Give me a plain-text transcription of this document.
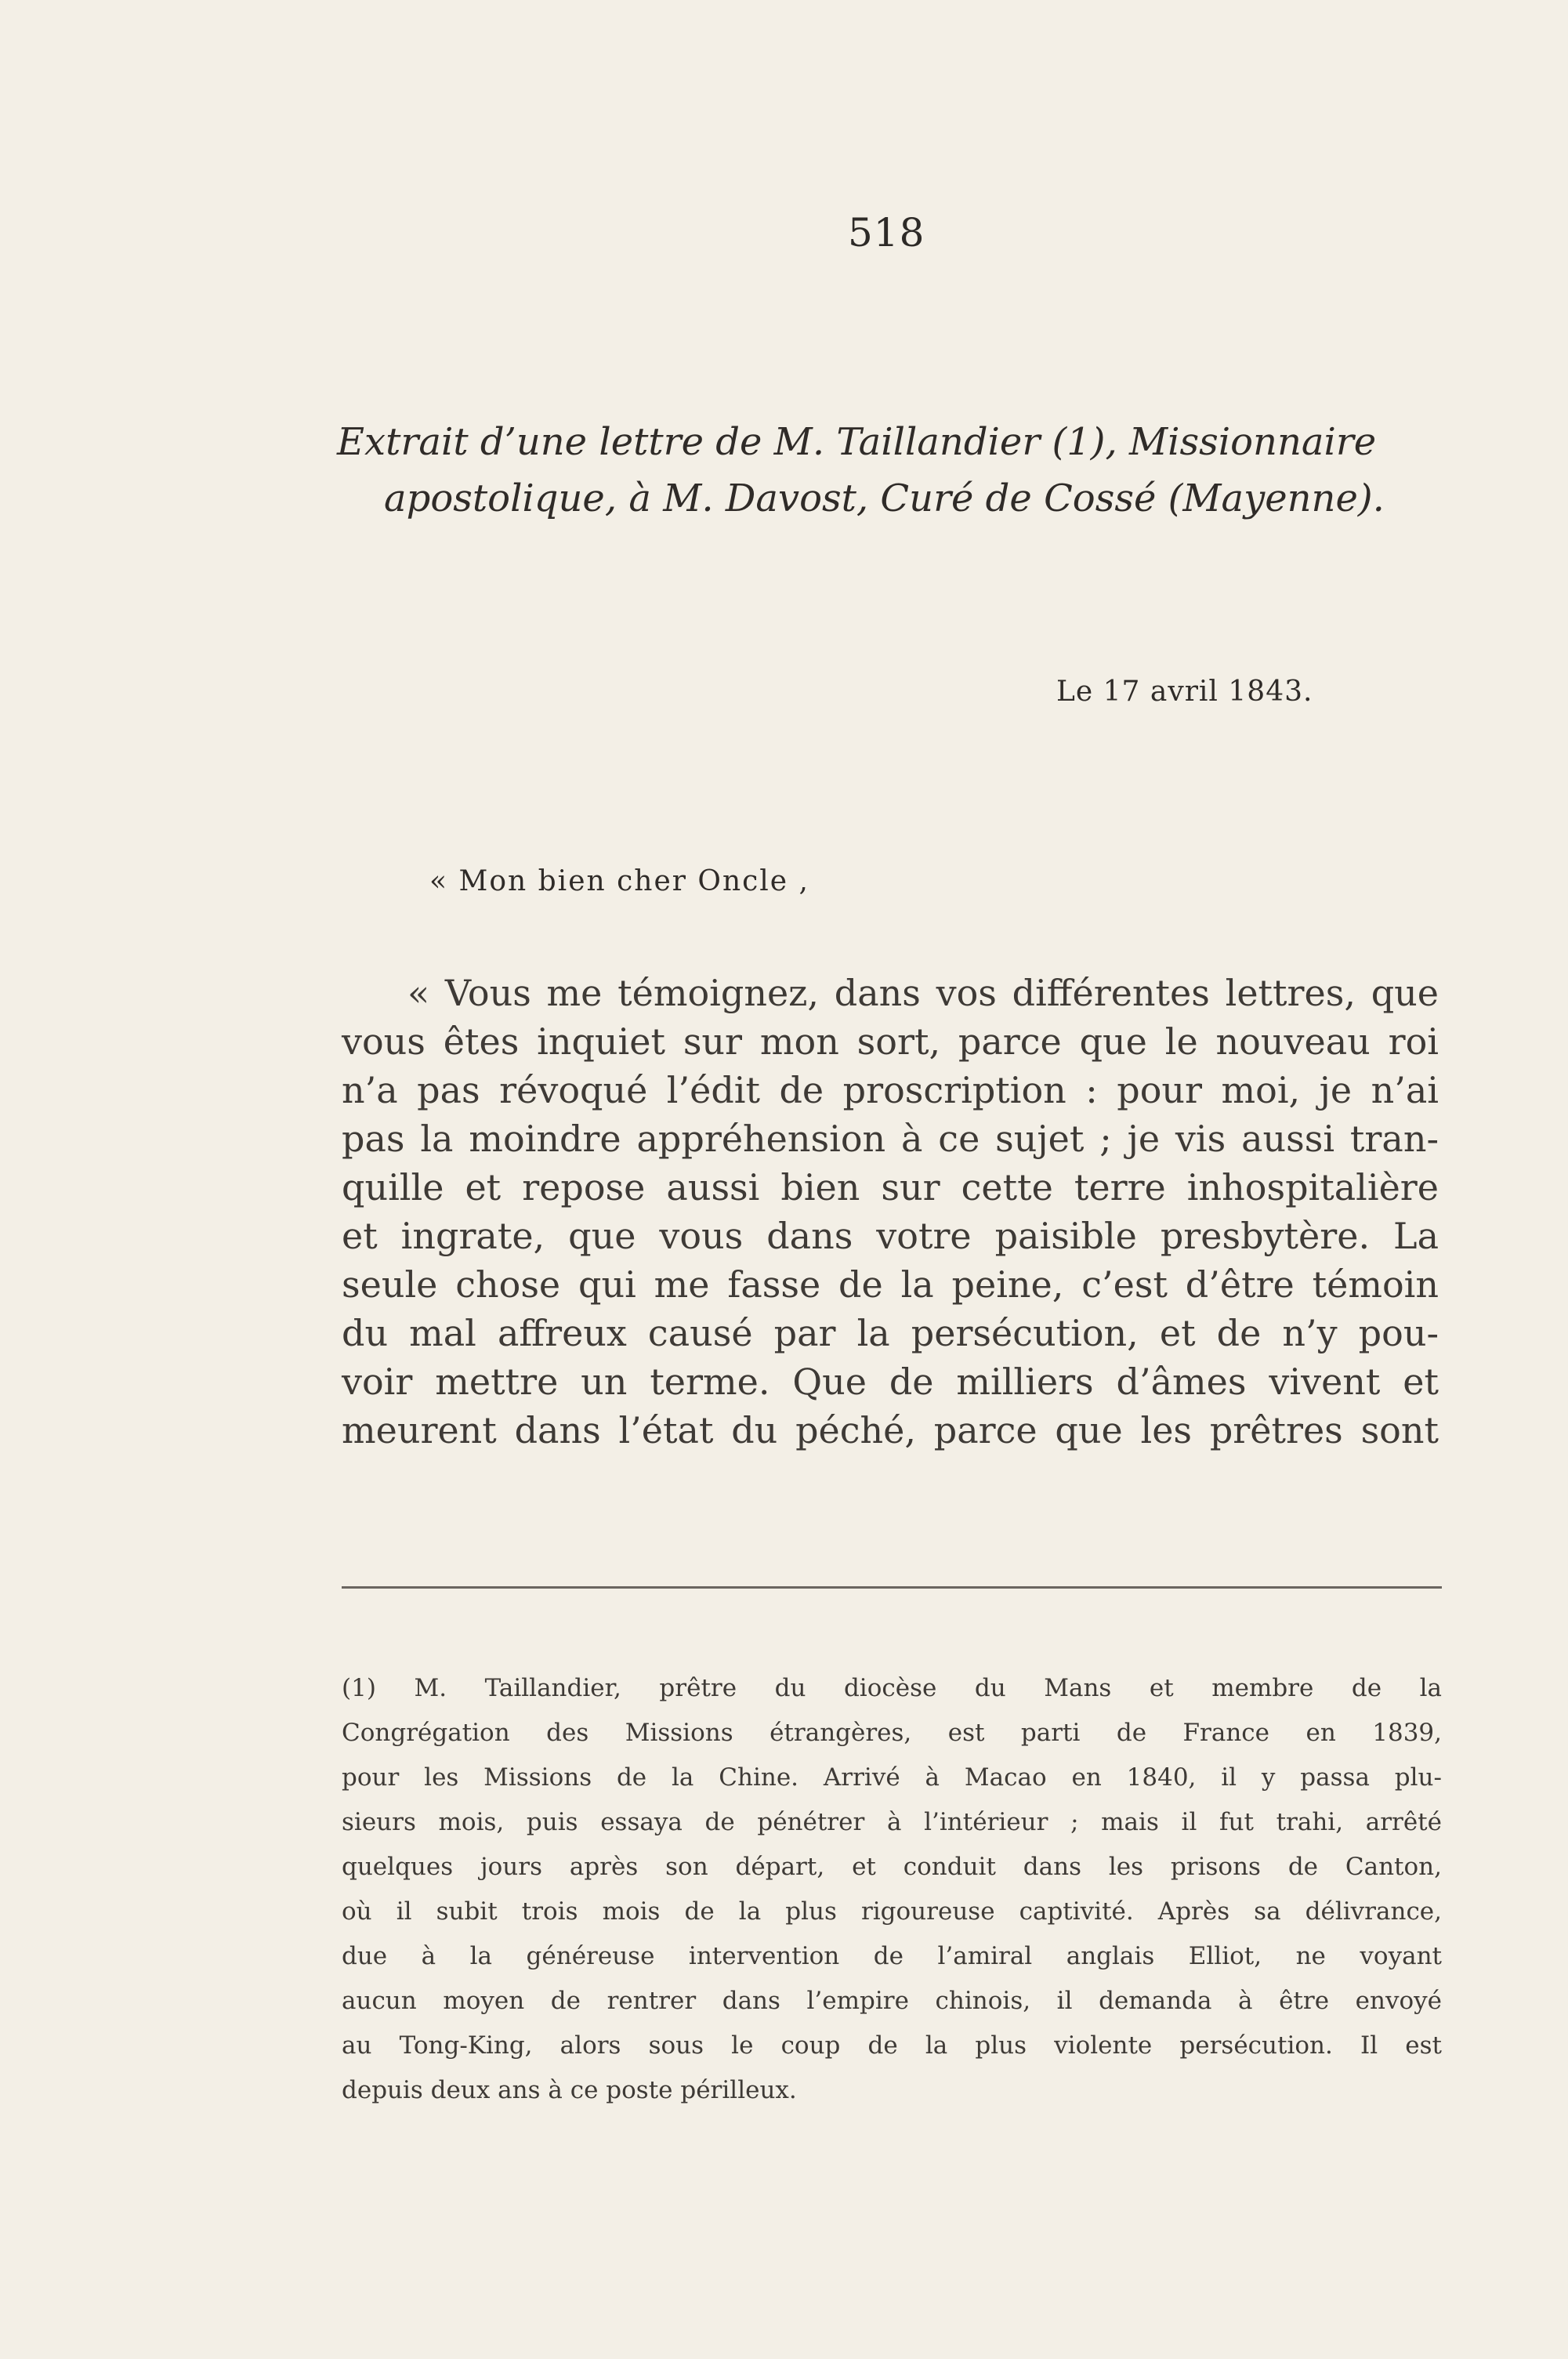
518
Extrait d’une lettre de M. Taillandier (1), Missionnaire
apostolique, à M. Davost, Curé de Cossé (Mayenne).
Le 17 avril 1843.
« Mon bien cher Oncle ,
« Vous me témoignez, dans vos différentes lettres, que
vous êtes inquiet sur mon sort, parce que le nouveau roi
n’a pas révoqué l’édit de proscription : pour moi, je n’ai
pas la moindre appréhension à ce sujet ; je vis aussi tran-
quille et repose aussi bien sur cette terre inhospitalière
et ingrate, que vous dans votre paisible presbytère. La
seule chose qui me fasse de la peine, c’est d’être témoin
du mal affreux causé par la persécution, et de n’y pou-
voir mettre un terme. Que de milliers d’âmes vivent et
meurent dans l’état du péché, parce que les prêtres sont
(1) M. Taillandier, prêtre du diocèse du Mans et membre de la
Congrégation des Missions étrangères, est parti de France en 1839,
pour les Missions de la Chine. Arrivé à Macao en 1840, il y passa plu-
sieurs mois, puis essaya de pénétrer à l’intérieur ; mais il fut trahi, arrêté
quelques jours après son départ, et conduit dans les prisons de Canton,
où il subit trois mois de la plus rigoureuse captivité. Après sa délivrance,
due à la généreuse intervention de l’amiral anglais Elliot, ne voyant
aucun moyen de rentrer dans l’empire chinois, il demanda à être envoyé
au Tong-King, alors sous le coup de la plus violente persécution. Il est
depuis deux ans à ce poste périlleux.
